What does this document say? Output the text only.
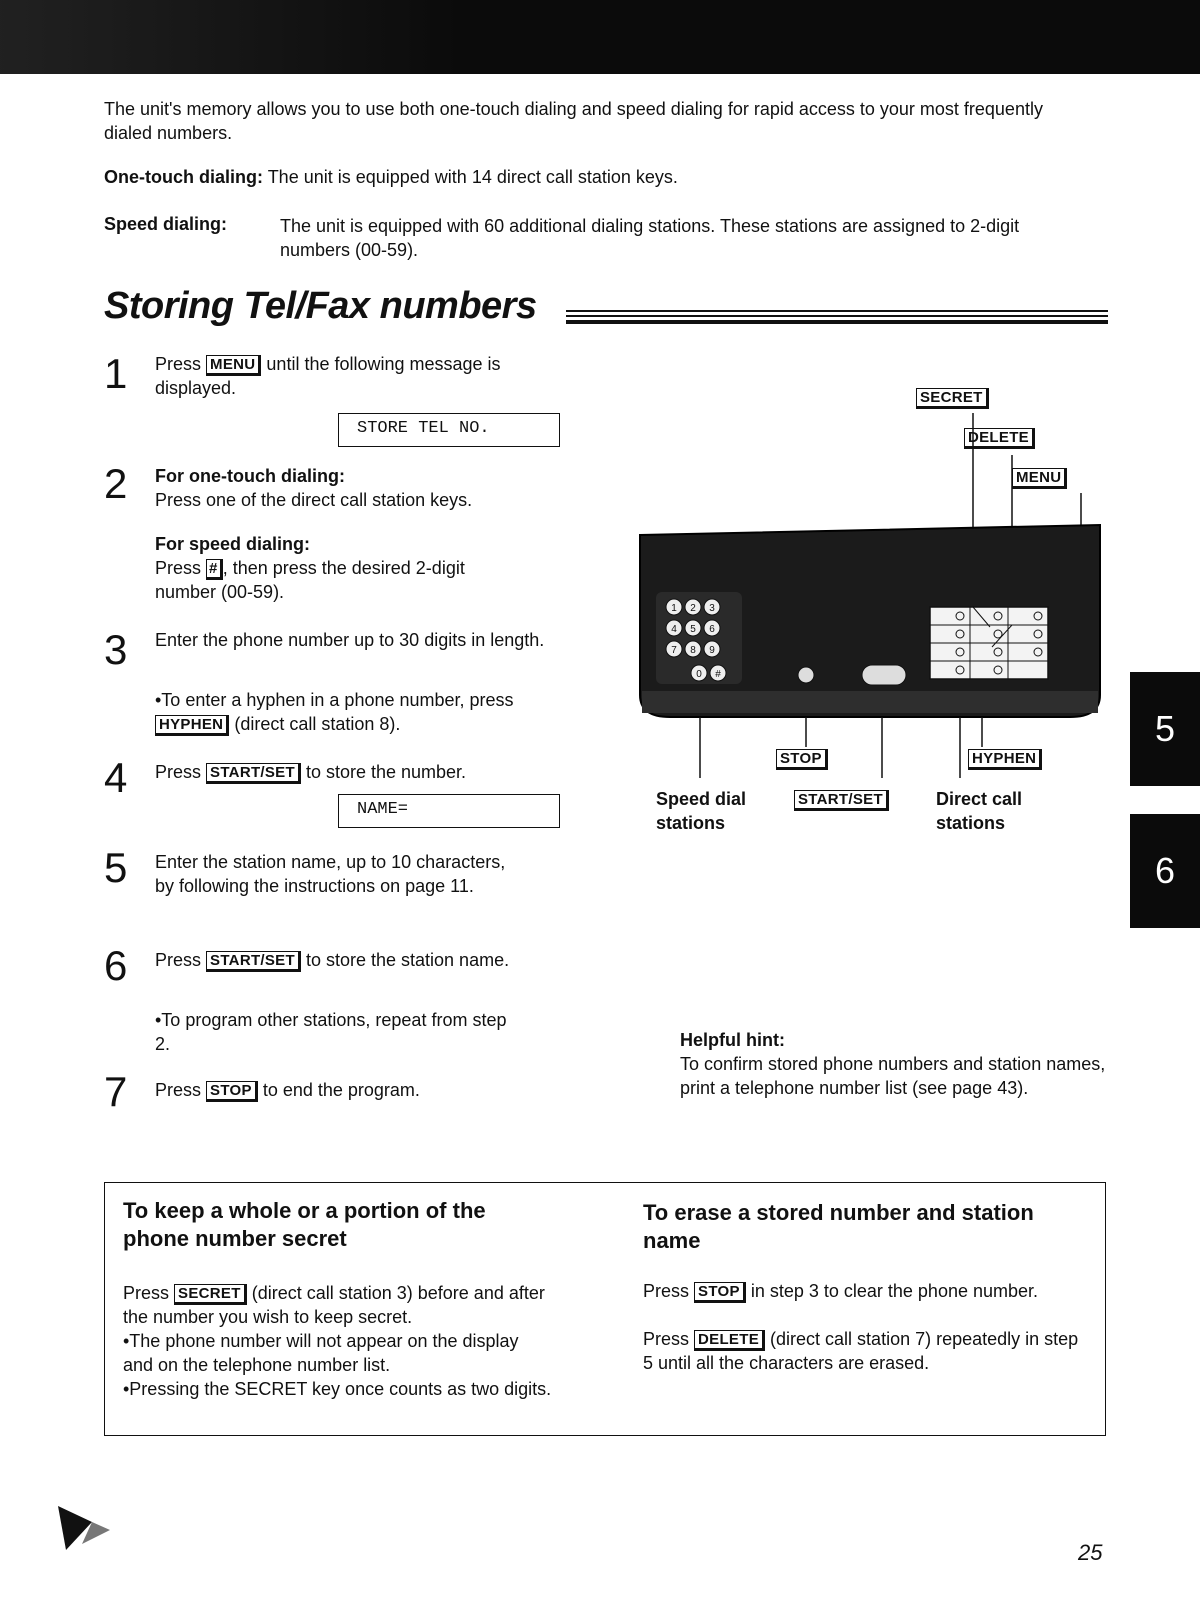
The unit's memory allows you to use both one-touch dialing and speed dialing for rapid access to your most frequently dialed numbers.
One-touch dialing: The unit is equipped with 14 direct call station keys.
Speed dialing:	The unit is equipped with 60 additional dialing stations. These stations are assigned to 2-digit numbers (00-59).
Storing Tel/Fax numbers
1 Press MENU until the following message is displayed.
STORE TEL NO.
2 For one-touch dialing:
Press one of the direct call station keys.
For speed dialing:
Press # , then press the desired 2-digit number (00-59).
3 Enter the phone number up to 30 digits in length.
•To enter a hyphen in a phone number, press HYPHEN (direct call station 8).
4 Press START/SET to store the number.
NAME=
5 Enter the station name, up to 10 characters, by following the instructions on page 11.
6 Press START/SET to store the station name.
•To program other stations, repeat from step 2.
7 Press STOP to end the program.
1 2 3
4 5 6
7 8 9
0 #
SECRET
DELETE
MENU
STOP	HYPHEN
START/SET
Speed dial stations
Direct call stations
Helpful hint:
To confirm stored phone numbers and station names, print a telephone number list (see page 43).
To keep a whole or a portion of the phone number secret
Press SECRET (direct call station 3) before and after the number you wish to keep secret.
•The phone number will not appear on the display and on the telephone number list.
•Pressing the SECRET key once counts as two digits.
To erase a stored number and station name
Press STOP in step 3 to clear the phone number.
Press DELETE (direct call station 7) repeatedly in step 5 until all the characters are erased.
5
6
25
